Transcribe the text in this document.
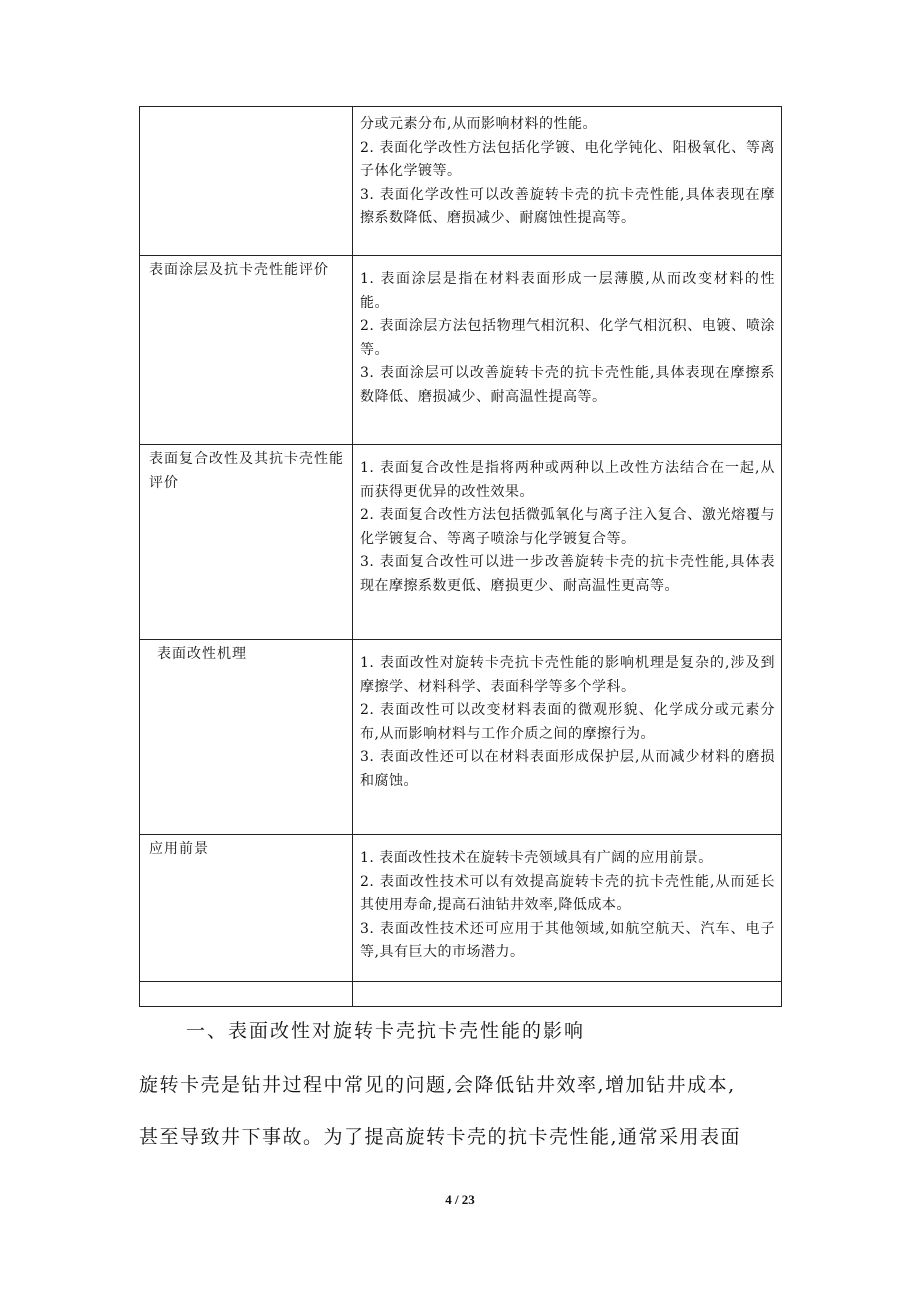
	分或元素分布,从而影响材料的性能。
2. 表面化学改性方法包括化学镀、电化学钝化、阳极氧化、等离子体化学镀等。
3. 表面化学改性可以改善旋转卡壳的抗卡壳性能,具体表现在摩擦系数降低、磨损减少、耐腐蚀性提高等。

表面涂层及抗卡壳性能评价	1. 表面涂层是指在材料表面形成一层薄膜,从而改变材料的性能。
2. 表面涂层方法包括物理气相沉积、化学气相沉积、电镀、喷涂等。
3. 表面涂层可以改善旋转卡壳的抗卡壳性能,具体表现在摩擦系数降低、磨损减少、耐高温性提高等。

表面复合改性及其抗卡壳性能评价	1. 表面复合改性是指将两种或两种以上改性方法结合在一起,从而获得更优异的改性效果。
2. 表面复合改性方法包括微弧氧化与离子注入复合、激光熔覆与化学镀复合、等离子喷涂与化学镀复合等。
3. 表面复合改性可以进一步改善旋转卡壳的抗卡壳性能,具体表现在摩擦系数更低、磨损更少、耐高温性更高等。

表面改性机理	1. 表面改性对旋转卡壳抗卡壳性能的影响机理是复杂的,涉及到摩擦学、材料科学、表面科学等多个学科。
2. 表面改性可以改变材料表面的微观形貌、化学成分或元素分布,从而影响材料与工作介质之间的摩擦行为。
3. 表面改性还可以在材料表面形成保护层,从而减少材料的磨损和腐蚀。

应用前景	1. 表面改性技术在旋转卡壳领域具有广阔的应用前景。
2. 表面改性技术可以有效提高旋转卡壳的抗卡壳性能,从而延长其使用寿命,提高石油钻井效率,降低成本。
3. 表面改性技术还可应用于其他领域,如航空航天、汽车、电子等,具有巨大的市场潜力。

一、表面改性对旋转卡壳抗卡壳性能的影响
旋转卡壳是钻井过程中常见的问题,会降低钻井效率,增加钻井成本,
甚至导致井下事故。为了提高旋转卡壳的抗卡壳性能,通常采用表面
4 / 23
